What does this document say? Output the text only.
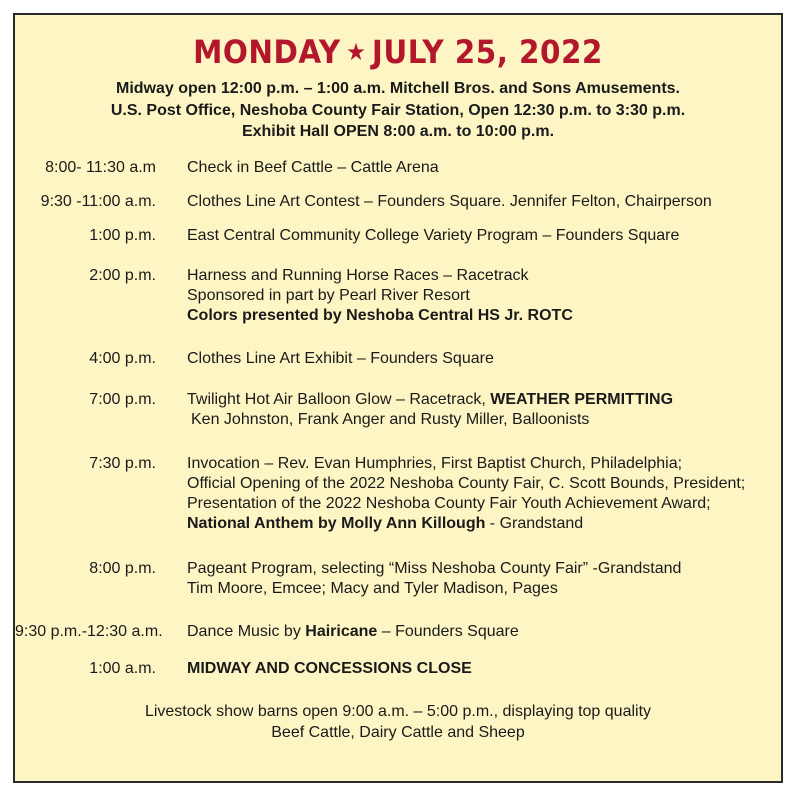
MONDAY ★ JULY 25, 2022
Midway open 12:00 p.m. – 1:00 a.m. Mitchell Bros. and Sons Amusements.
U.S. Post Office, Neshoba County Fair Station, Open 12:30 p.m. to 3:30 p.m.
Exhibit Hall OPEN 8:00 a.m. to 10:00 p.m.
8:00- 11:30 a.m Check in Beef Cattle – Cattle Arena
9:30 -11:00 a.m. Clothes Line Art Contest – Founders Square. Jennifer Felton, Chairperson
1:00 p.m. East Central Community College Variety Program – Founders Square
2:00 p.m. Harness and Running Horse Races – Racetrack
Sponsored in part by Pearl River Resort
Colors presented by Neshoba Central HS Jr. ROTC
4:00 p.m. Clothes Line Art Exhibit – Founders Square
7:00 p.m. Twilight Hot Air Balloon Glow – Racetrack, WEATHER PERMITTING
Ken Johnston, Frank Anger and Rusty Miller, Balloonists
7:30 p.m. Invocation – Rev. Evan Humphries, First Baptist Church, Philadelphia;
Official Opening of the 2022 Neshoba County Fair, C. Scott Bounds, President;
Presentation of the 2022 Neshoba County Fair Youth Achievement Award;
National Anthem by Molly Ann Killough - Grandstand
8:00 p.m. Pageant Program, selecting “Miss Neshoba County Fair” -Grandstand
Tim Moore, Emcee; Macy and Tyler Madison, Pages
9:30 p.m.-12:30 a.m. Dance Music by Hairicane – Founders Square
1:00 a.m. MIDWAY AND CONCESSIONS CLOSE
Livestock show barns open 9:00 a.m. – 5:00 p.m., displaying top quality
Beef Cattle, Dairy Cattle and Sheep
